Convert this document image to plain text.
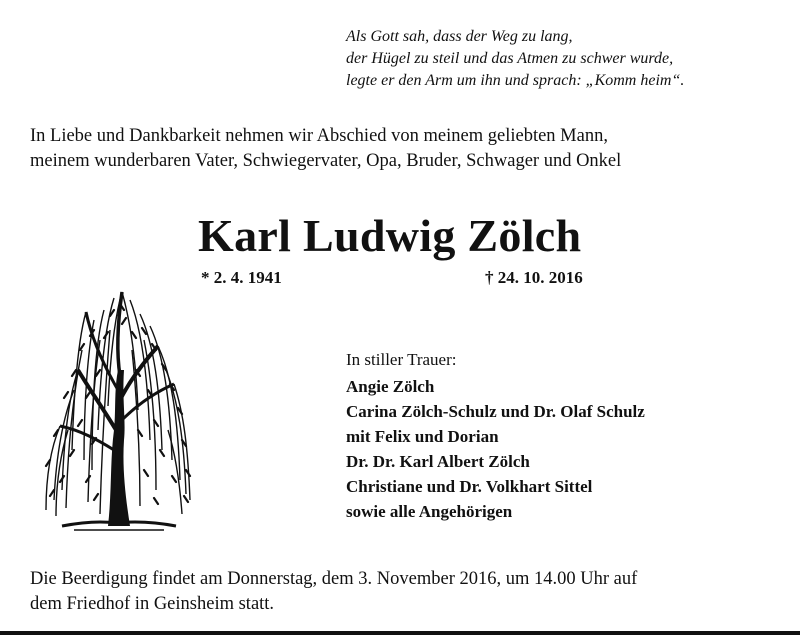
Als Gott sah, dass der Weg zu lang,
der Hügel zu steil und das Atmen zu schwer wurde,
legte er den Arm um ihn und sprach: „Komm heim“.
In Liebe und Dankbarkeit nehmen wir Abschied von meinem geliebten Mann,
meinem wunderbaren Vater, Schwiegervater, Opa, Bruder, Schwager und Onkel
Karl Ludwig Zölch
* 2. 4. 1941	† 24. 10. 2016
In stiller Trauer:
Angie Zölch
Carina Zölch-Schulz und Dr. Olaf Schulz
mit Felix und Dorian
Dr. Dr. Karl Albert Zölch
Christiane und Dr. Volkhart Sittel
sowie alle Angehörigen
Die Beerdigung findet am Donnerstag, dem 3. November 2016, um 14.00 Uhr auf
dem Friedhof in Geinsheim statt.
